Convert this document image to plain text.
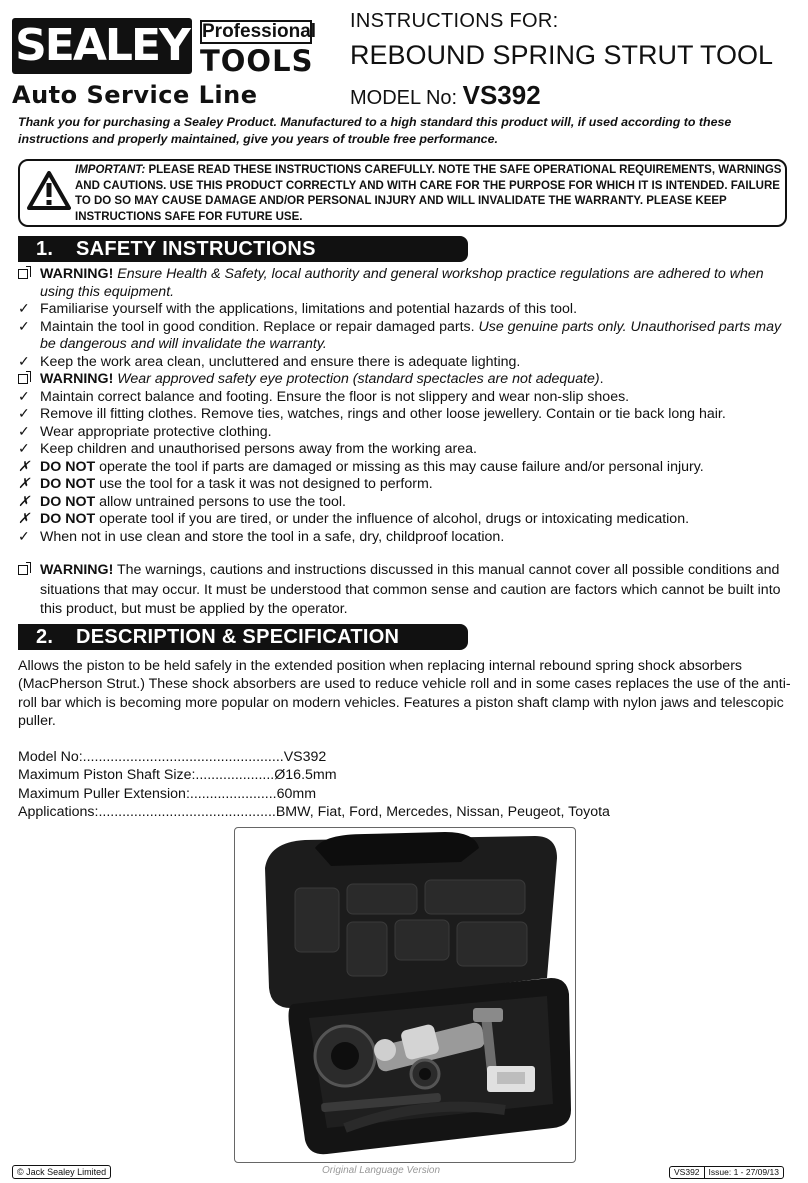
SEALEY Professional
TOOLS
Auto Service Line
INSTRUCTIONS FOR:
REBOUND SPRING STRUT TOOL
MODEL No: VS392
Thank you for purchasing a Sealey Product. Manufactured to a high standard this product will, if used according to these instructions and properly maintained, give you years of trouble free performance.
IMPORTANT: PLEASE READ THESE INSTRUCTIONS CAREFULLY. NOTE THE SAFE OPERATIONAL REQUIREMENTS, WARNINGS AND CAUTIONS. USE THIS PRODUCT CORRECTLY AND WITH CARE FOR THE PURPOSE FOR WHICH IT IS INTENDED. FAILURE TO DO SO MAY CAUSE DAMAGE AND/OR PERSONAL INJURY AND WILL INVALIDATE THE WARRANTY. PLEASE KEEP INSTRUCTIONS SAFE FOR FUTURE USE.
1. SAFETY INSTRUCTIONS
WARNING! Ensure Health & Safety, local authority and general workshop practice regulations are adhered to when using this equipment.
✓ Familiarise yourself with the applications, limitations and potential hazards of this tool.
✓ Maintain the tool in good condition. Replace or repair damaged parts. Use genuine parts only. Unauthorised parts may be dangerous and will invalidate the warranty.
✓ Keep the work area clean, uncluttered and ensure there is adequate lighting.
WARNING! Wear approved safety eye protection (standard spectacles are not adequate).
✓ Maintain correct balance and footing. Ensure the floor is not slippery and wear non-slip shoes.
✓ Remove ill fitting clothes. Remove ties, watches, rings and other loose jewellery. Contain or tie back long hair.
✓ Wear appropriate protective clothing.
✓ Keep children and unauthorised persons away from the working area.
✗ DO NOT operate the tool if parts are damaged or missing as this may cause failure and/or personal injury.
✗ DO NOT use the tool for a task it was not designed to perform.
✗ DO NOT allow untrained persons to use the tool.
✗ DO NOT operate tool if you are tired, or under the influence of alcohol, drugs or intoxicating medication.
✓ When not in use clean and store the tool in a safe, dry, childproof location.
WARNING! The warnings, cautions and instructions discussed in this manual cannot cover all possible conditions and situations that may occur. It must be understood that common sense and caution are factors which cannot be built into this product, but must be applied by the operator.
2. DESCRIPTION & SPECIFICATION
Allows the piston to be held safely in the extended position when replacing internal rebound spring shock absorbers (MacPherson Strut.) These shock absorbers are used to reduce vehicle roll and in some cases replaces the use of the anti-roll bar which is becoming more popular on modern vehicles. Features a piston shaft clamp with nylon jaws and telescopic puller.
Model No:...................................................VS392
Maximum Piston Shaft Size:....................Ø16.5mm
Maximum Puller Extension:......................60mm
Applications:.............................................BMW, Fiat, Ford, Mercedes, Nissan, Peugeot, Toyota
© Jack Sealey Limited	Original Language Version	VS392	Issue: 1 - 27/09/13
